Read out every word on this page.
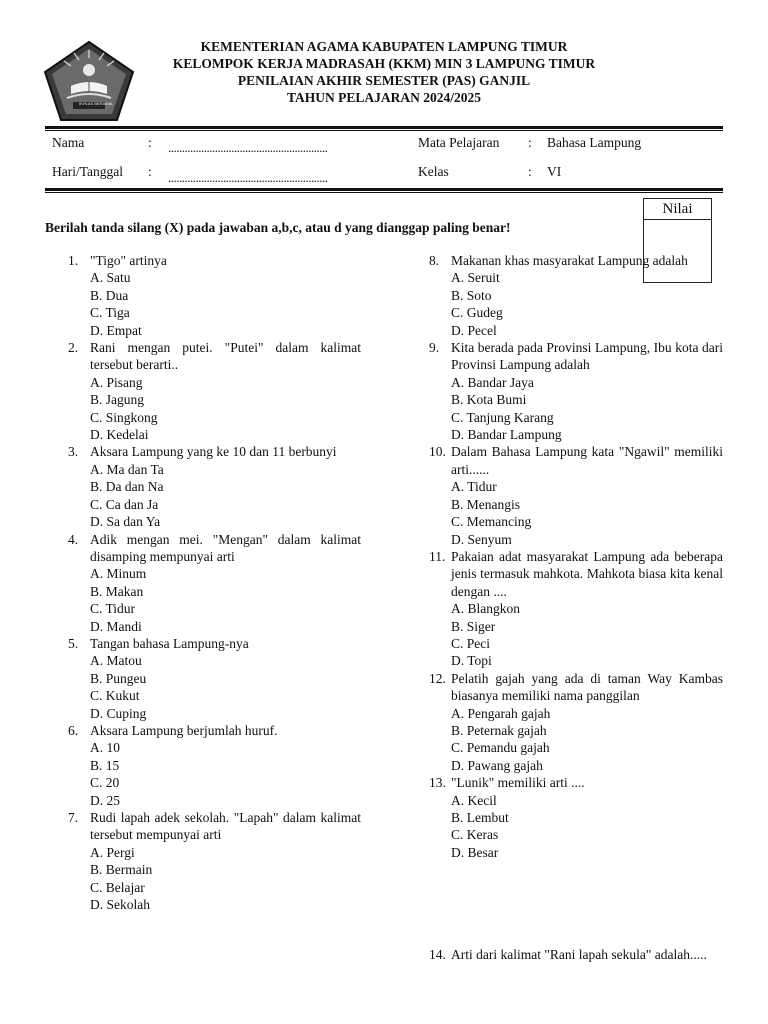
IKHLAS BERAMAL
KEMENTERIAN AGAMA KABUPATEN LAMPUNG TIMUR
KELOMPOK KERJA MADRASAH (KKM) MIN 3 LAMPUNG TIMUR
PENILAIAN AKHIR SEMESTER (PAS) GANJIL
TAHUN PELAJARAN 2024/2025
Nama	: ..........................................................	Mata Pelajaran : Bahasa Lampung
Hari/Tanggal : ..........................................................	Kelas	: VI
Nilai
Berilah tanda silang (X) pada jawaban a,b,c, atau d yang dianggap paling benar!
1. "Tigo" artinya
A. Satu
B. Dua
C. Tiga
D. Empat
2. Rani mengan putei. "Putei" dalam kalimat tersebut berarti..
A. Pisang
B. Jagung
C. Singkong
D. Kedelai
3. Aksara Lampung yang ke 10 dan 11 berbunyi
A. Ma dan Ta
B. Da dan Na
C. Ca dan Ja
D. Sa dan Ya
4. Adik mengan mei. "Mengan" dalam kalimat disamping mempunyai arti
A. Minum
B. Makan
C. Tidur
D. Mandi
5. Tangan bahasa Lampung-nya
A. Matou
B. Pungeu
C. Kukut
D. Cuping
6. Aksara Lampung berjumlah huruf.
A. 10
B. 15
C. 20
D. 25
7. Rudi lapah adek sekolah. "Lapah" dalam kalimat tersebut mempunyai arti
A. Pergi
B. Bermain
C. Belajar
D. Sekolah
8. Makanan khas masyarakat Lampung adalah
A. Seruit
B. Soto
C. Gudeg
D. Pecel
9. Kita berada pada Provinsi Lampung, Ibu kota dari Provinsi Lampung adalah
A. Bandar Jaya
B. Kota Bumi
C. Tanjung Karang
D. Bandar Lampung
10. Dalam Bahasa Lampung kata "Ngawil" memiliki arti......
A. Tidur
B. Menangis
C. Memancing
D. Senyum
11. Pakaian adat masyarakat Lampung ada beberapa jenis termasuk mahkota. Mahkota biasa kita kenal dengan ....
A. Blangkon
B. Siger
C. Peci
D. Topi
12. Pelatih gajah yang ada di taman Way Kambas biasanya memiliki nama panggilan
A. Pengarah gajah
B. Peternak gajah
C. Pemandu gajah
D. Pawang gajah
13. "Lunik" memiliki arti ....
A. Kecil
B. Lembut
C. Keras
D. Besar
14. Arti dari kalimat "Rani lapah sekula" adalah.....
